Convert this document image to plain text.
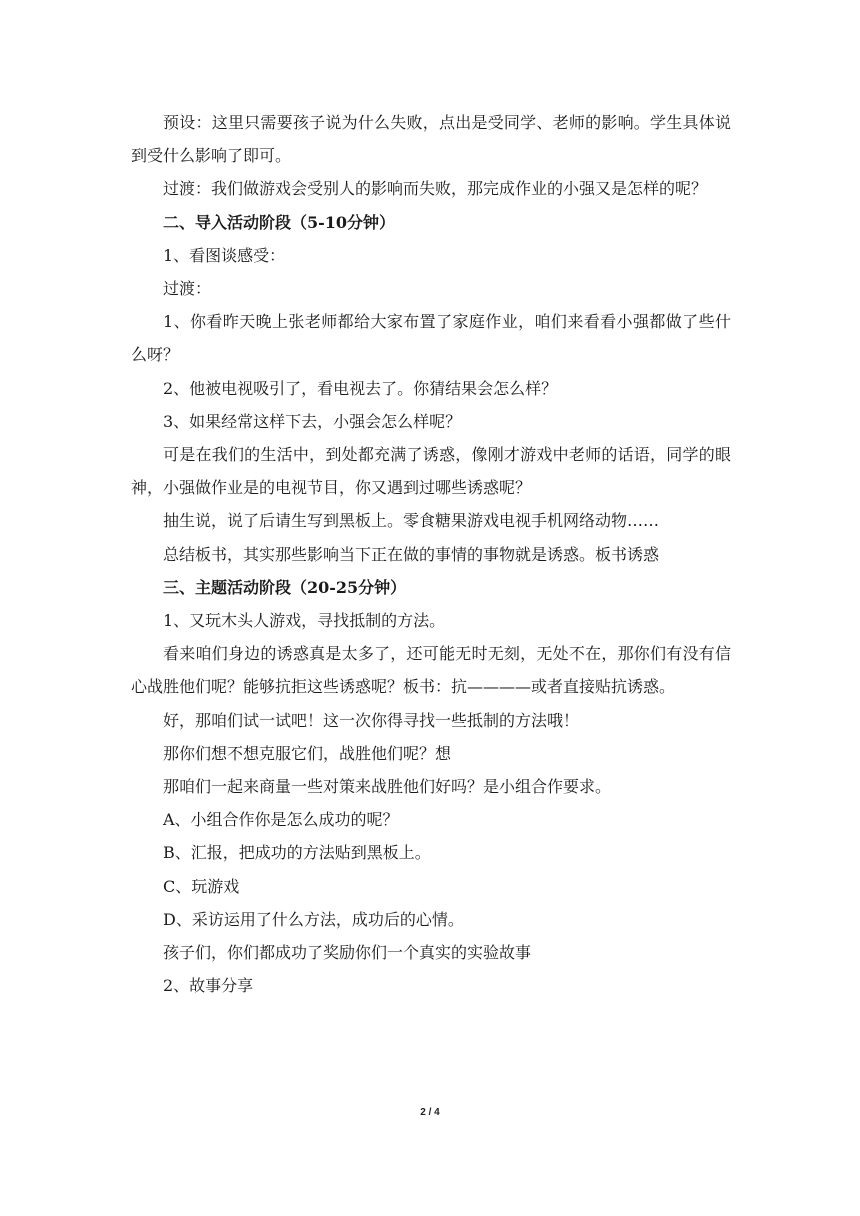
预设：这里只需要孩子说为什么失败，点出是受同学、老师的影响。学生具体说到受什么影响了即可。

过渡：我们做游戏会受别人的影响而失败，那完成作业的小强又是怎样的呢？

二、导入活动阶段（5-10分钟）

1、看图谈感受：

过渡：

1、你看昨天晚上张老师都给大家布置了家庭作业，咱们来看看小强都做了些什么呀？

2、他被电视吸引了，看电视去了。你猜结果会怎么样？

3、如果经常这样下去，小强会怎么样呢？

可是在我们的生活中，到处都充满了诱惑，像刚才游戏中老师的话语，同学的眼神，小强做作业是的电视节目，你又遇到过哪些诱惑呢？

抽生说，说了后请生写到黑板上。零食糖果游戏电视手机网络动物……

总结板书，其实那些影响当下正在做的事情的事物就是诱惑。板书诱惑

三、主题活动阶段（20-25分钟）

1、又玩木头人游戏，寻找抵制的方法。

看来咱们身边的诱惑真是太多了，还可能无时无刻，无处不在，那你们有没有信心战胜他们呢？能够抗拒这些诱惑呢？板书：抗————或者直接贴抗诱惑。

好，那咱们试一试吧！这一次你得寻找一些抵制的方法哦！

那你们想不想克服它们，战胜他们呢？想

那咱们一起来商量一些对策来战胜他们好吗？是小组合作要求。

A、小组合作你是怎么成功的呢？

B、汇报，把成功的方法贴到黑板上。

C、玩游戏

D、采访运用了什么方法，成功后的心情。

孩子们，你们都成功了奖励你们一个真实的实验故事

2、故事分享

2 / 4
